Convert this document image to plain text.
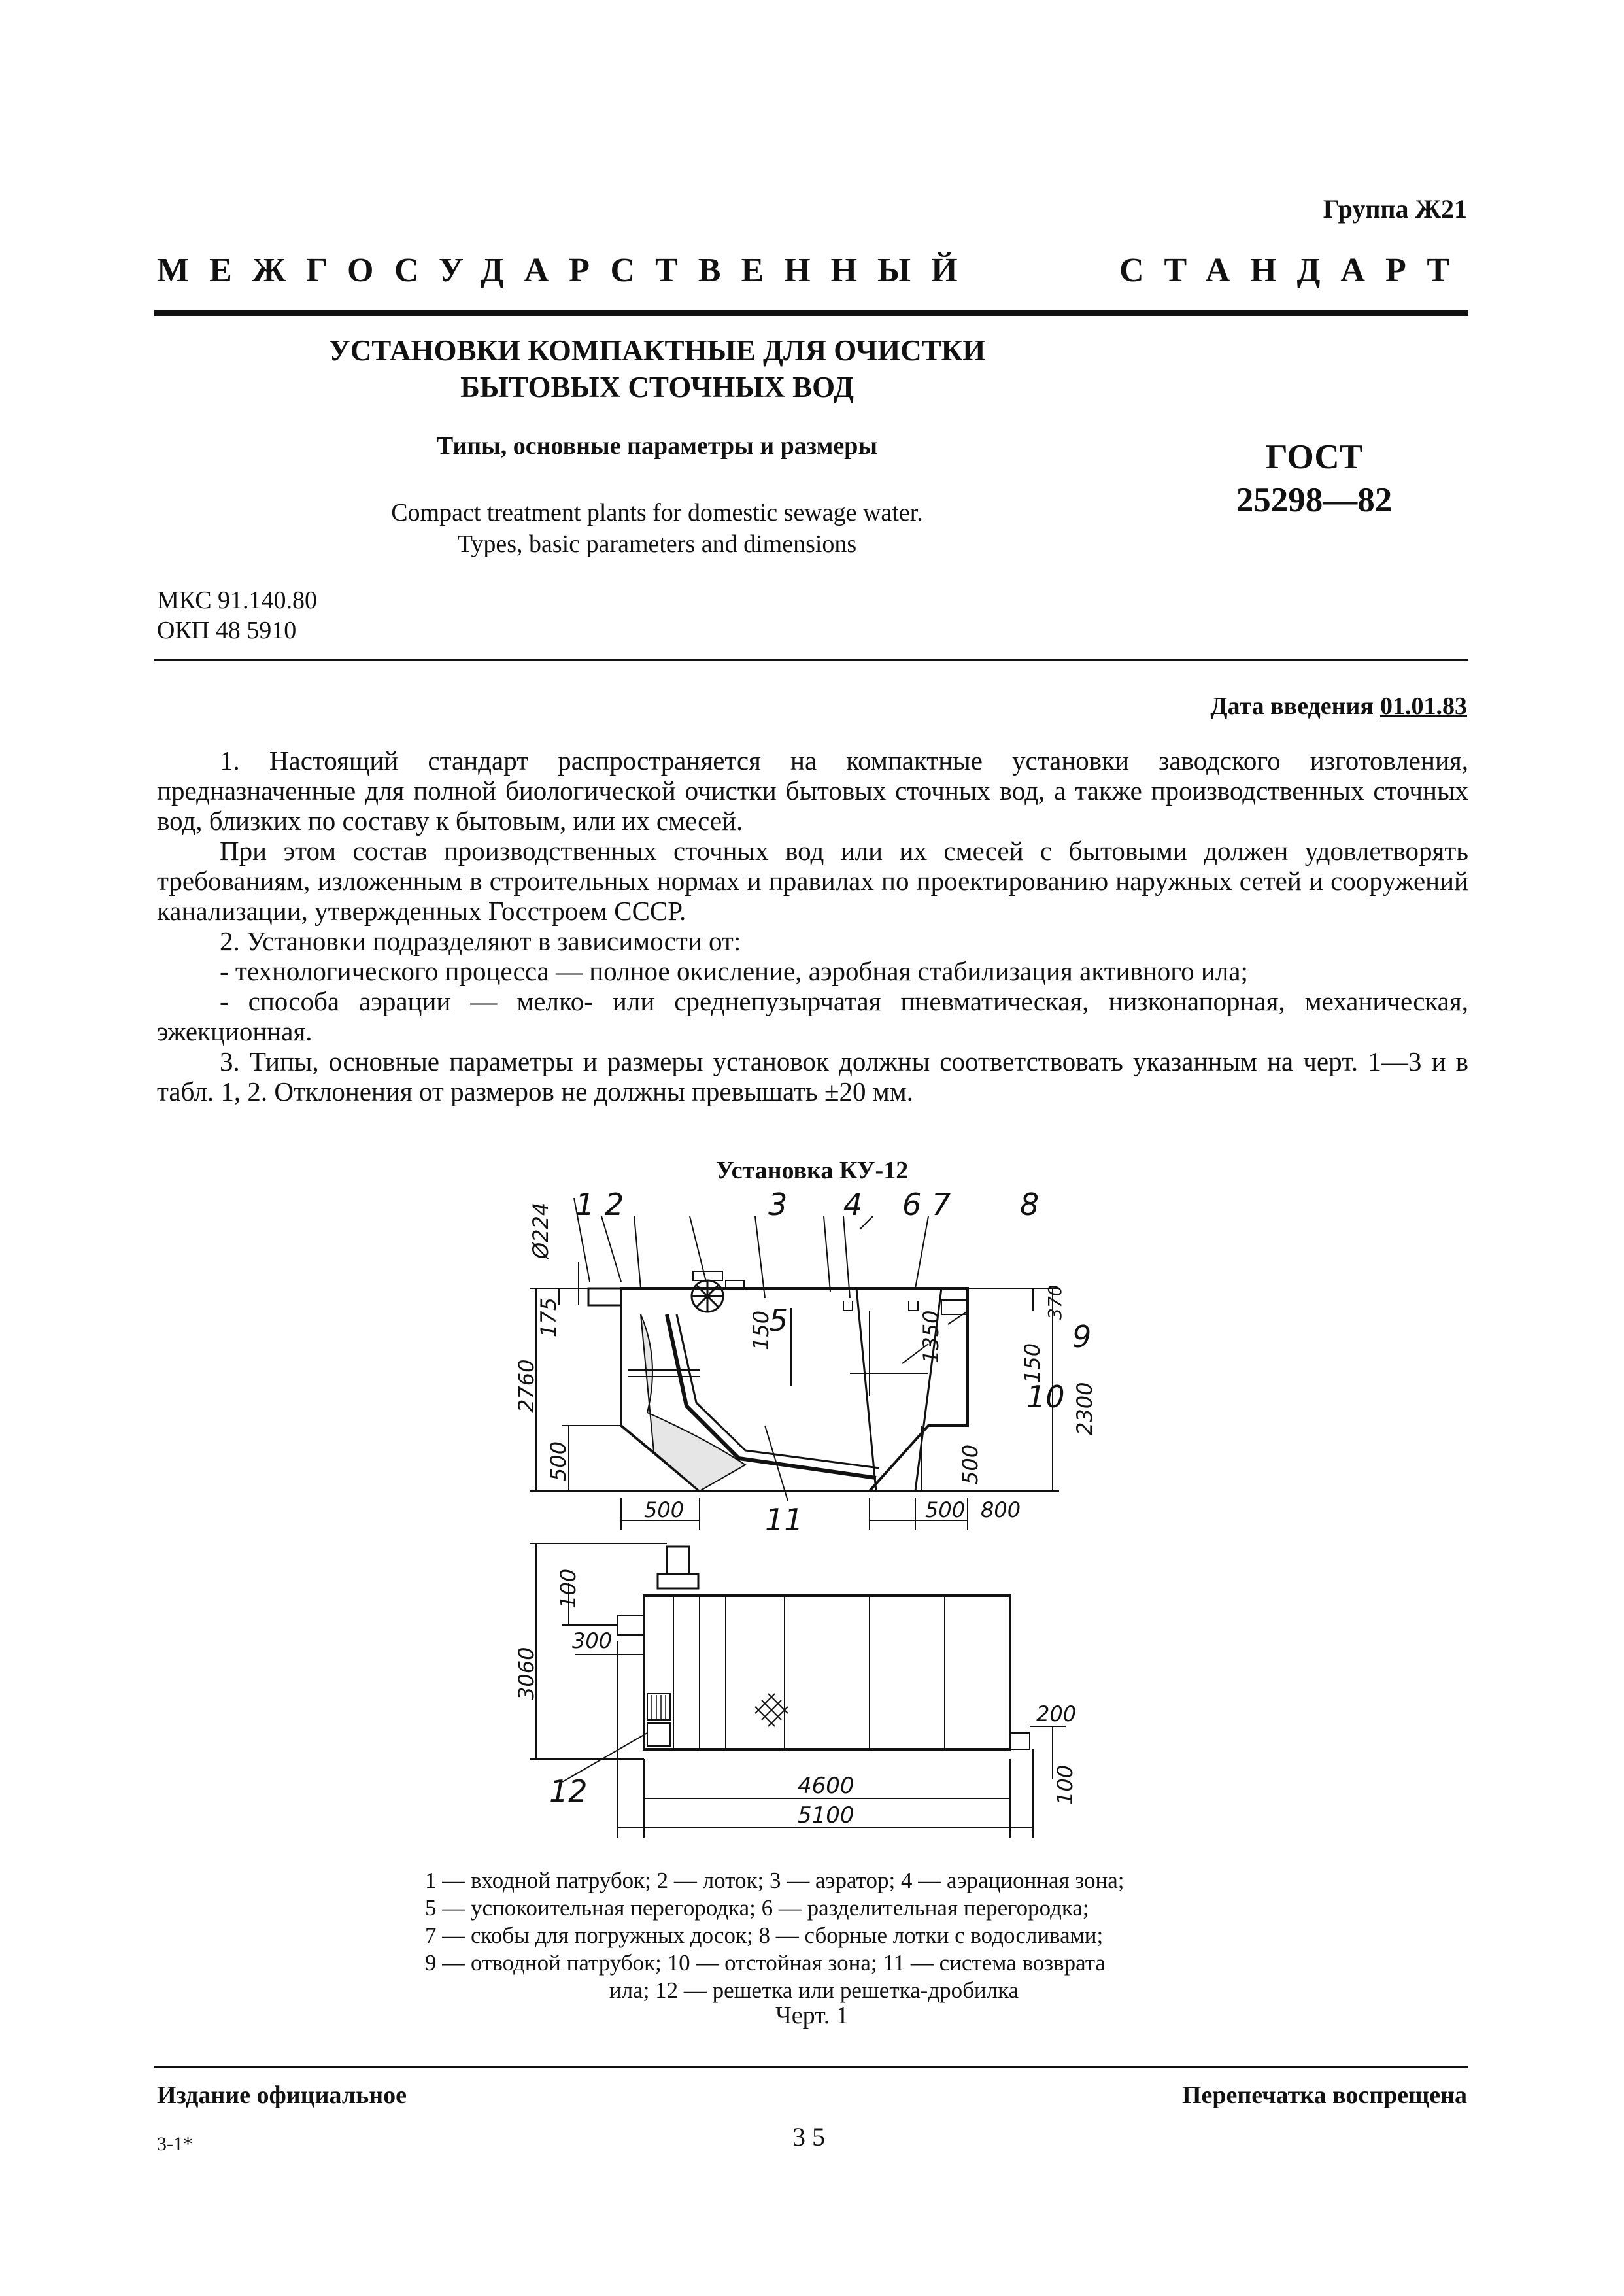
Группа Ж21
МЕЖГОСУДАРСТВЕННЫЙ	СТАНДАРТ
УСТАНОВКИ КОМПАКТНЫЕ ДЛЯ ОЧИСТКИ
БЫТОВЫХ СТОЧНЫХ ВОД
Типы, основные параметры и размеры
Compact treatment plants for domestic sewage water.
Types, basic parameters and dimensions
ГОСТ
25298—82
МКС 91.140.80
ОКП 48 5910
Дата введения 01.01.83

1. Настоящий стандарт распространяется на компактные установки заводского изготовления, предназначенные для полной биологической очистки бытовых сточных вод, а также производственных сточных вод, близких по составу к бытовым, или их смесей.

При этом состав производственных сточных вод или их смесей с бытовыми должен удовлетворять требованиям, изложенным в строительных нормах и правилах по проектированию наружных сетей и сооружений канализации, утвержденных Госстроем СССР.

2. Установки подразделяют в зависимости от:

- технологического процесса — полное окисление, аэробная стабилизация активного ила;

- способа аэрации — мелко- или среднепузырчатая пневматическая, низконапорная, механическая, эжекционная.

3. Типы, основные параметры и размеры установок должны соответствовать указанным на черт. 1—3 и в табл. 1, 2. Отклонения от размеров не должны превышать ±20 мм.

Установка КУ-12
1 2	3 4
5
6 7 8
9
10
11
12
Ø224
175
2760
500
500
150	1350
370
150
2300
500
500 800
100
3060
300
200
100
4600
5100

1 — входной патрубок; 2 — лоток; 3 — аэратор; 4 — аэрационная зона;

5 — успокоительная перегородка; 6 — разделительная перегородка;

7 — скобы для погружных досок; 8 — сборные лотки с водосливами;

9 — отводной патрубок; 10 — отстойная зона; 11 — система возврата

ила; 12 — решетка или решетка-дробилка

Черт. 1
Издание официальное	Перепечатка воспрещена
3-1*	35
